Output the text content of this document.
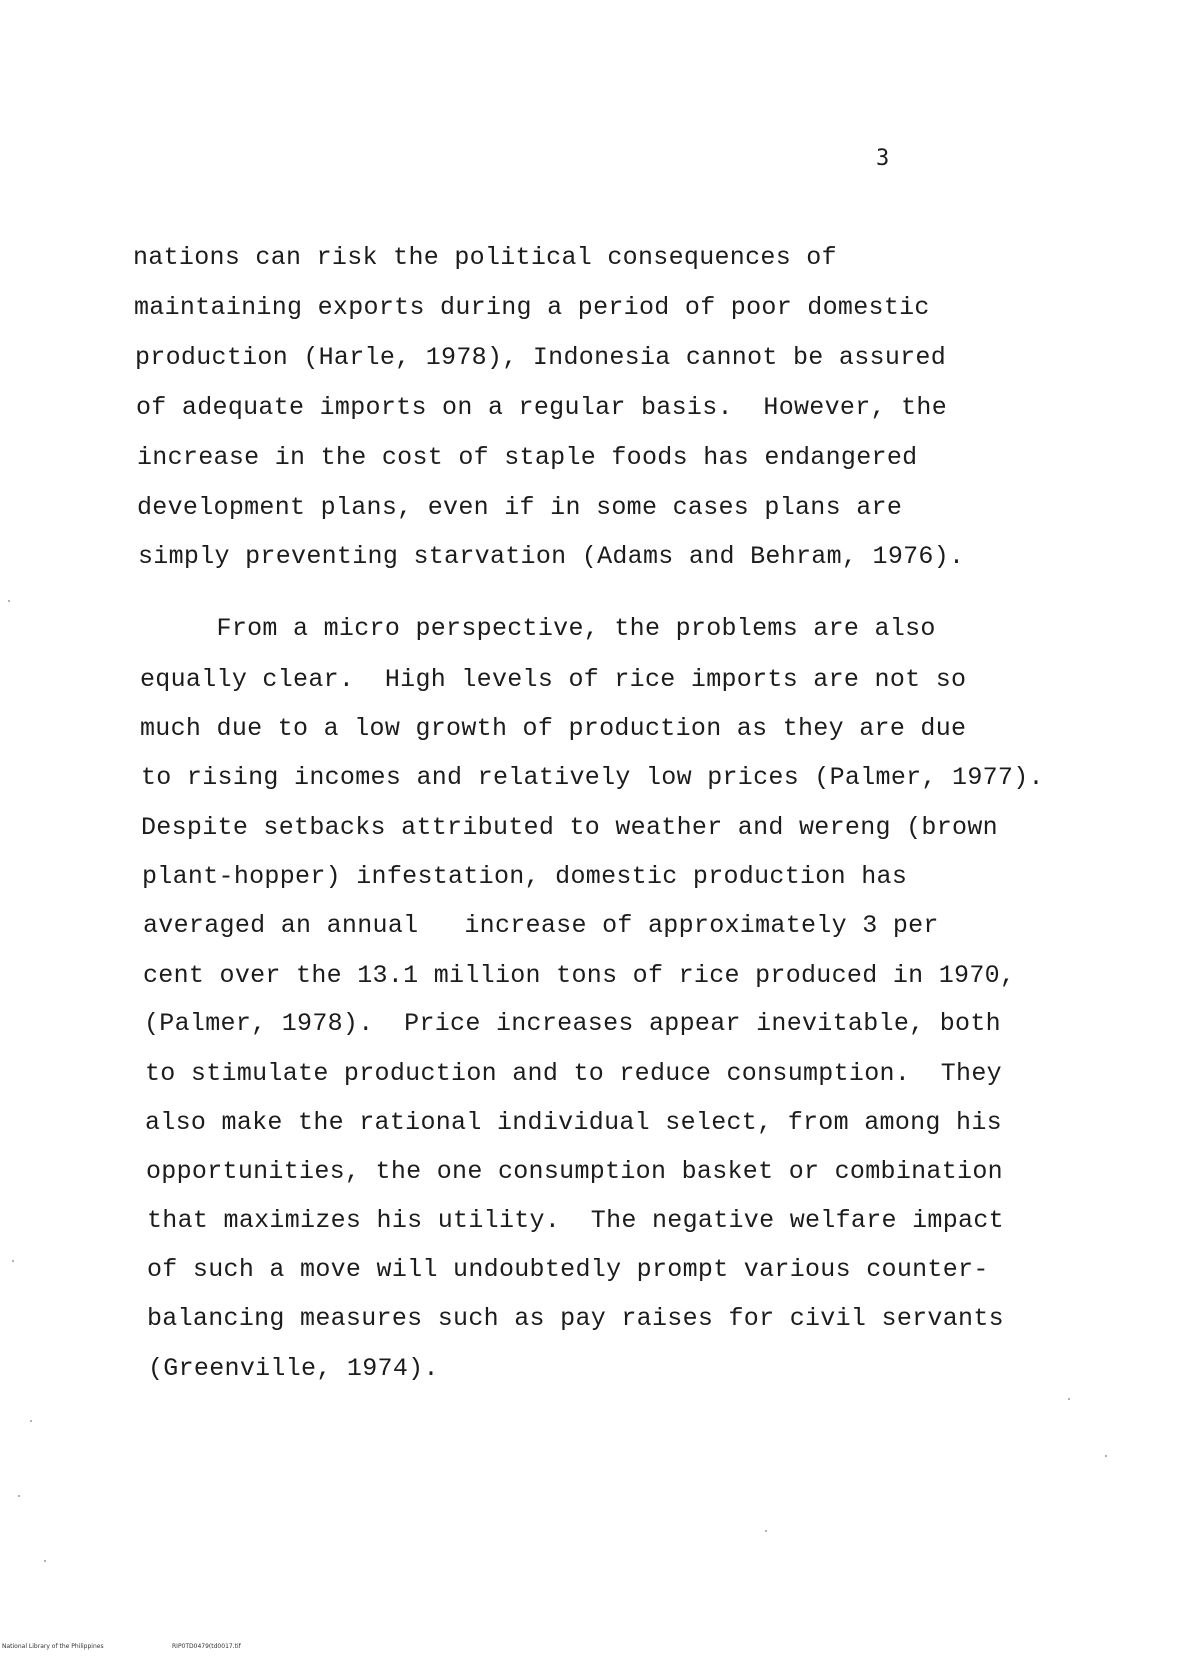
3
nations can risk the political consequences of
maintaining exports during a period of poor domestic
production (Harle, 1978), Indonesia cannot be assured
of adequate imports on a regular basis.  However, the
increase in the cost of staple foods has endangered
development plans, even if in some cases plans are
simply preventing starvation (Adams and Behram, 1976).
From a micro perspective, the problems are also
equally clear.  High levels of rice imports are not so
much due to a low growth of production as they are due
to rising incomes and relatively low prices (Palmer, 1977).
Despite setbacks attributed to weather and wereng (brown
plant-hopper) infestation, domestic production has
averaged an annual   increase of approximately 3 per
cent over the 13.1 million tons of rice produced in 1970,
(Palmer, 1978).  Price increases appear inevitable, both
to stimulate production and to reduce consumption.  They
also make the rational individual select, from among his
opportunities, the one consumption basket or combination
that maximizes his utility.  The negative welfare impact
of such a move will undoubtedly prompt various counter-
balancing measures such as pay raises for civil servants
(Greenville, 1974).
National Library of the Philippines	RIP0TD0479(td0017.tif
